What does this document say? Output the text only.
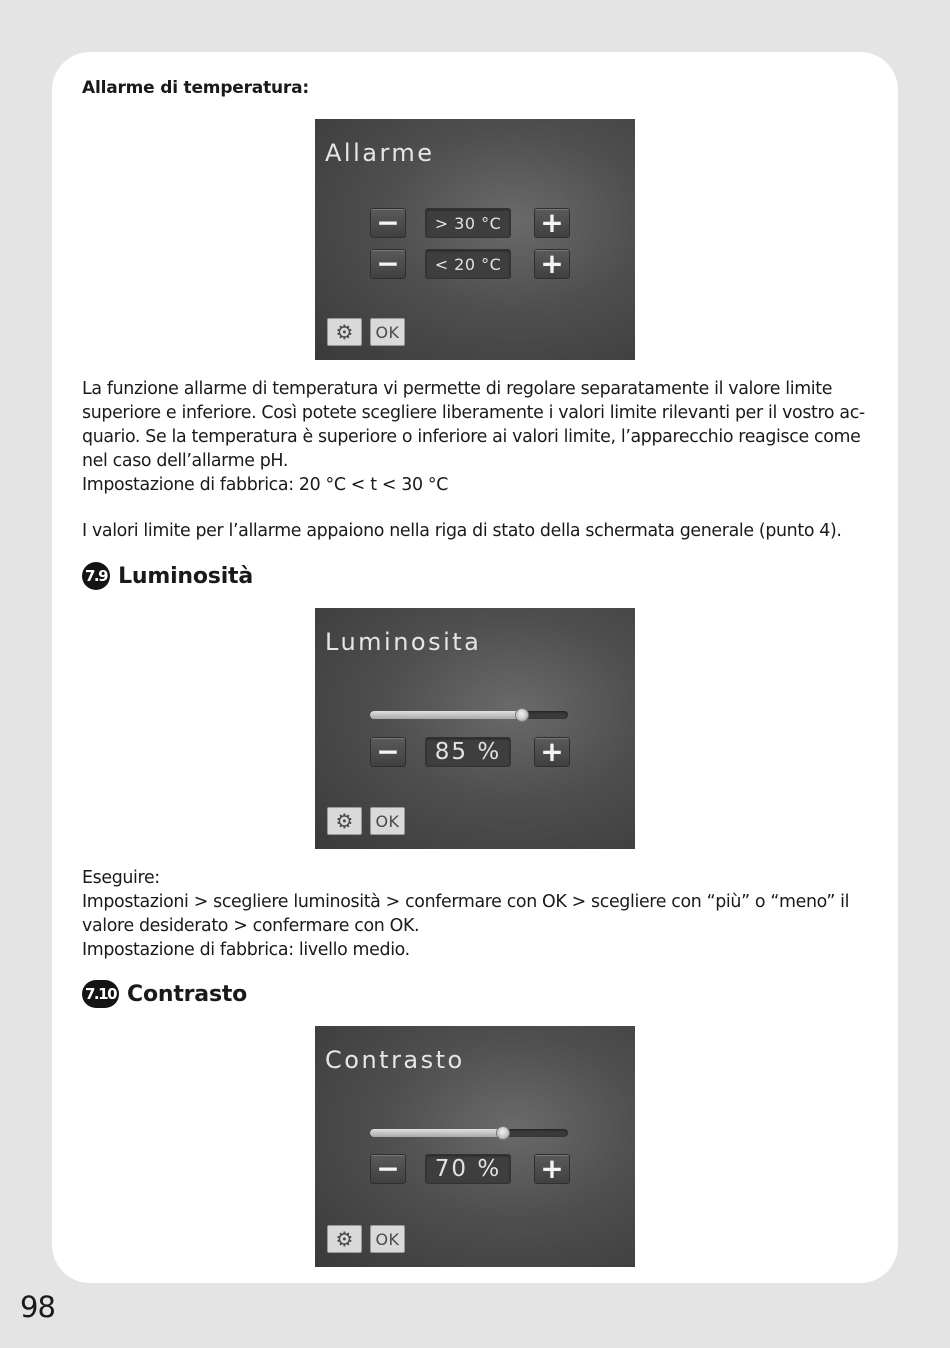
Allarme di temperatura:
Allarme
−	> 30 °C	+
−	< 20 °C	+
⚙	OK
La funzione allarme di temperatura vi permette di regolare separatamente il valore limite
superiore e inferiore. Così potete scegliere liberamente i valori limite rilevanti per il vostro ac-
quario. Se la temperatura è superiore o inferiore ai valori limite, l’apparecchio reagisce come
nel caso dell’allarme pH.
Impostazione di fabbrica: 20 °C < t < 30 °C
I valori limite per l’allarme appaiono nella riga di stato della schermata generale (punto 4).
7.9 Luminosità
Luminosita
−	85 %	+
⚙	OK
Eseguire:
Impostazioni > scegliere luminosità > confermare con OK > scegliere con “più” o “meno” il
valore desiderato > confermare con OK.
Impostazione di fabbrica: livello medio.
7.10 Contrasto
Contrasto
−	70 %	+
⚙	OK
98
